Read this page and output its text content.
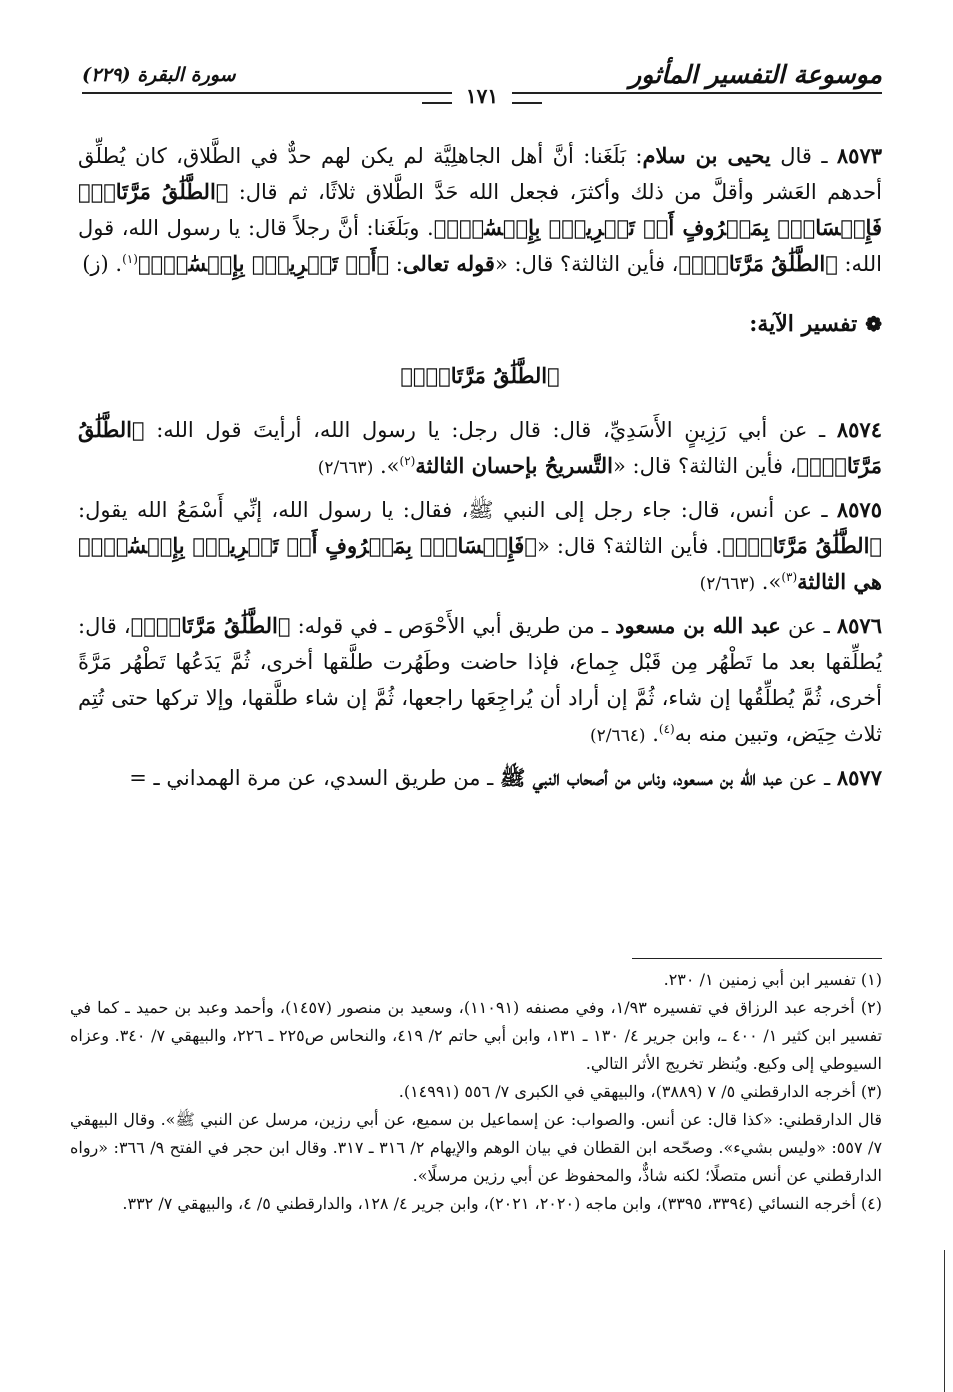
موسوعة التفسير المأثور
سورة البقرة (٢٢٩)
١٧١

٨٥٧٣ ـ قال يحيى بن سلام: بَلَغَنا: أنَّ أهل الجاهلِيَّة لم يكن لهم حدٌّ في الطَّلاق، كان يُطلِّق أحدهم العَشر وأقلَّ من ذلك وأكثرَ، فجعل الله حَدَّ الطَّلاق ثلاثًا، ثم قال: ﴿الطَّلَٰقُ مَرَّتَانِۖ فَإِمۡسَاكُۢ بِمَعۡرُوفٍ أَوۡ تَسۡرِيحُۢ بِإِحۡسَٰنٖۗ﴾. وبَلَغَنا: أنَّ رجلاً قال: يا رسول الله، قول الله: ﴿الطَّلَٰقُ مَرَّتَانِۖ﴾، فأين الثالثة؟ قال: «قوله تعالى: ﴿أَوۡ تَسۡرِيحُۢ بِإِحۡسَٰنٖۗ﴾$^{(١)}$. (ز)

❁تفسير الآية:
﴿الطَّلَٰقُ مَرَّتَانِۖ﴾

٨٥٧٤ ـ عن أبي رَزِينٍ الأَسَدِيِّ، قال: قال رجل: يا رسول الله، أرأيتَ قول الله: ﴿الطَّلَٰقُ مَرَّتَانِۖ﴾، فأين الثالثة؟ قال: «التَّسريحُ بإحسان الثالثة$^{(٢)}$». (٢/٦٦٣)

٨٥٧٥ ـ عن أنس، قال: جاء رجل إلى النبي ﷺ، فقال: يا رسول الله، إنِّي أَسْمَعُ الله يقول: ﴿الطَّلَٰقُ مَرَّتَانِۖ﴾. فأين الثالثة؟ قال: «﴿فَإِمۡسَاكُۢ بِمَعۡرُوفٍ أَوۡ تَسۡرِيحُۢ بِإِحۡسَٰنٖۗ﴾ هي الثالثة$^{(٣)}$». (٢/٦٦٣)

٨٥٧٦ ـ عن عبد الله بن مسعود ـ من طريق أبي الأَحْوَص ـ في قوله: ﴿الطَّلَٰقُ مَرَّتَانِۖ﴾، قال: يُطلِّقها بعد ما تَطْهُر مِن قَبْل جِماع، فإذا حاضت وطَهُرت طلَّقها أخرى، ثُمَّ يَدَعُها تَطْهُر مَرَّةً أخرى، ثُمَّ يُطلِّقُها إن شاء، ثُمَّ إن أراد أن يُراجِعَها راجعها، ثُمَّ إن شاء طلَّقها، وإلا تركها حتى تُتِم ثلاث حِيَض، وتبين منه به$^{(٤)}$. (٢/٦٦٤)

٨٥٧٧ ـ عن عبد الله بن مسعود، وناس من أصحاب النبي ﷺ ـ من طريق السدي، عن مرة الهمداني ـ =

(١) تفسير ابن أبي زمنين ١/ ٢٣٠.

(٢) أخرجه عبد الرزاق في تفسيره ١/٩٣، وفي مصنفه (١١٠٩١)، وسعيد بن منصور (١٤٥٧)، وأحمد وعبد بن حميد ـ كما في تفسير ابن كثير ١/ ٤٠٠ ـ، وابن جرير ٤/ ١٣٠ ـ ١٣١، وابن أبي حاتم ٢/ ٤١٩، والنحاس ص٢٢٥ ـ ٢٢٦، والبيهقي ٧/ ٣٤٠. وعزاه السيوطي إلى وكيع. ويُنظر تخريج الأثر التالي.

(٣) أخرجه الدارقطني ٥/ ٧ (٣٨٨٩)، والبيهقي في الكبرى ٧/ ٥٥٦ (١٤٩٩١).

قال الدارقطني: «كذا قال: عن أنس. والصواب: عن إسماعيل بن سميع، عن أبي رزين، مرسل عن النبي ﷺ». وقال البيهقي ٧/ ٥٥٧: «وليس بشيء». وصحّحه ابن القطان في بيان الوهم والإيهام ٢/ ٣١٦ ـ ٣١٧. وقال ابن حجر في الفتح ٩/ ٣٦٦: «رواه الدارقطني عن أنس متصلًا؛ لكنه شاذٌّ، والمحفوظ عن أبي رزين مرسلًا».

(٤) أخرجه النسائي (٣٣٩٤، ٣٣٩٥)، وابن ماجه (٢٠٢٠، ٢٠٢١)، وابن جرير ٤/ ١٢٨، والدارقطني ٥/ ٤، والبيهقي ٧/ ٣٣٢.
